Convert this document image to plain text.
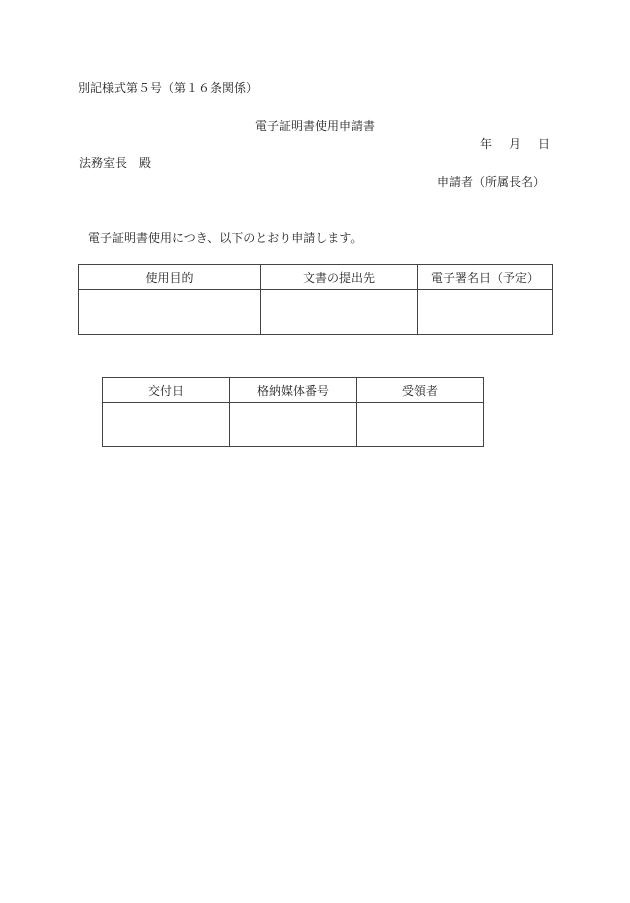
別記様式第５号（第１６条関係）
電子証明書使用申請書
年 月 日
法務室長　殿
申請者（所属長名）
電子証明書使用につき、以下のとおり申請します。
使用目的	文書の提出先	電子署名日（予定）

交付日	格納媒体番号	受領者
